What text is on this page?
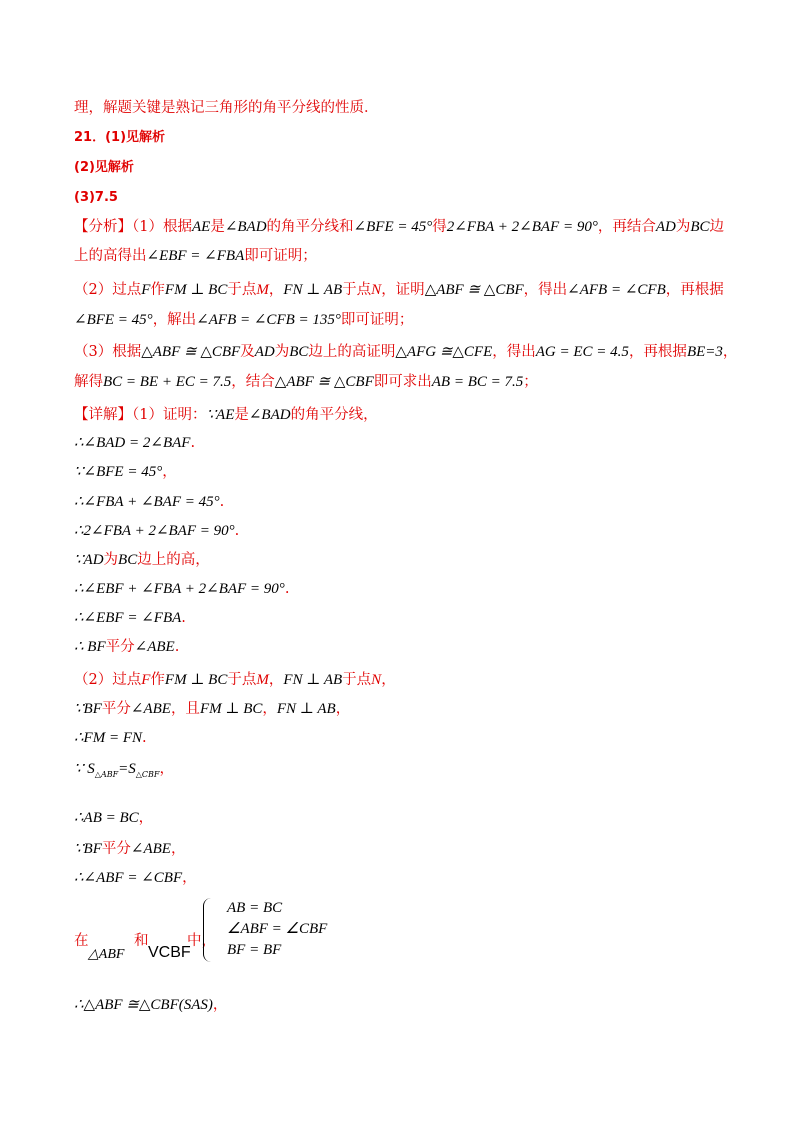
理，解题关键是熟记三角形的角平分线的性质．
21．(1)见解析
(2)见解析
(3)7.5
【分析】（1）根据AE是∠BAD的角平分线和∠BFE = 45°得2∠FBA + 2∠BAF = 90°，再结合AD为BC边
上的高得出∠EBF = ∠FBA即可证明；
（2）过点F作FM ⊥ BC于点M，FN ⊥ AB于点N，证明△ABF ≅ △CBF，得出∠AFB = ∠CFB，再根据
∠BFE = 45°，解出∠AFB = ∠CFB = 135°即可证明；
（3）根据△ABF ≅ △CBF及AD为BC边上的高证明△AFG ≅△CFE，得出AG = EC = 4.5，再根据BE=3，
解得BC = BE + EC = 7.5，结合△ABF ≅ △CBF即可求出AB = BC = 7.5；
【详解】（1）证明：∵AE是∠BAD的角平分线，
∴∠BAD = 2∠BAF.
∵∠BFE = 45°，
∴∠FBA + ∠BAF = 45°.
∴2∠FBA + 2∠BAF = 90°.
∵AD为BC边上的高，
∴∠EBF + ∠FBA + 2∠BAF = 90°.
∴∠EBF = ∠FBA.
∴ BF平分∠ABE.
（2）过点F作FM ⊥ BC于点M，FN ⊥ AB于点N，
∵BF平分∠ABE，且FM ⊥ BC，FN ⊥ AB，
∴FM = FN.
∵ $S_{\triangle ABF}=S_{\triangle CBF}$，
∴AB = BC，
∵BF平分∠ABE，
∴∠ABF = ∠CBF，
在	和	中，
△ABF VCBF
AB = BC
∠ABF = ∠CBF
BF = BF
∴△ABF ≅△CBF(SAS)，
